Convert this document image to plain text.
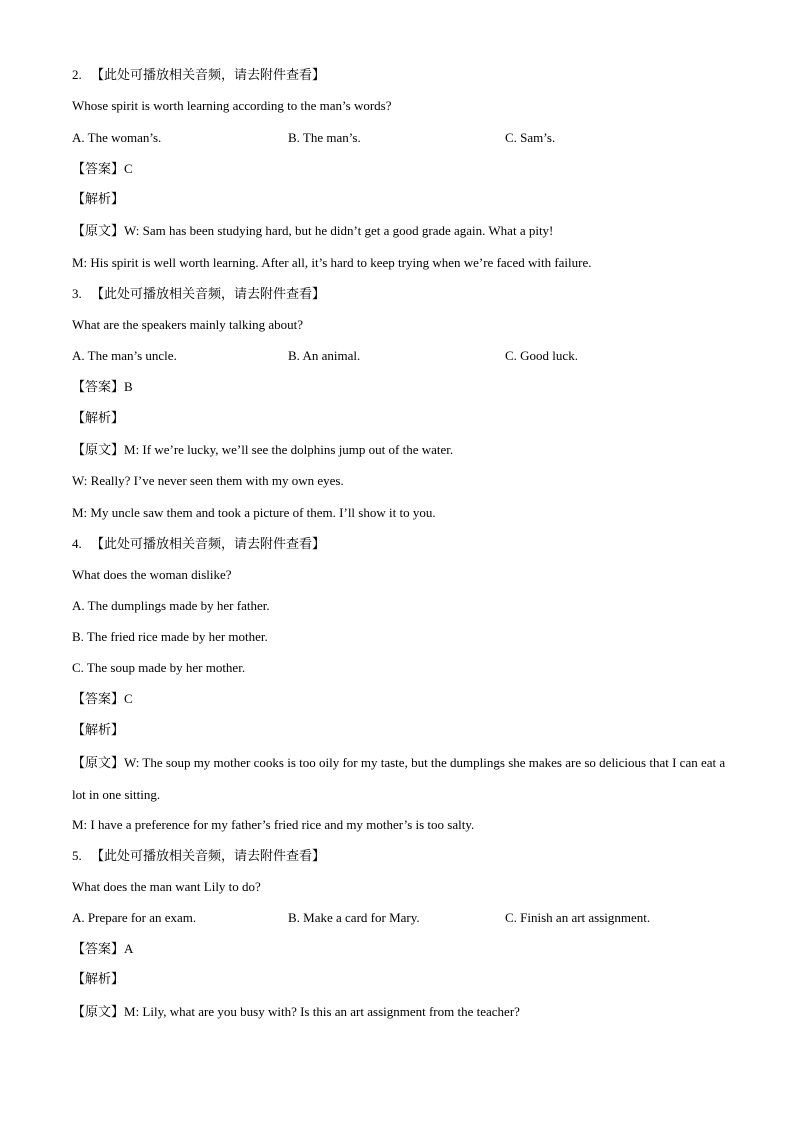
2. 【此处可播放相关音频，请去附件查看】
Whose spirit is worth learning according to the man’s words?
A. The woman’s.	B. The man’s.	C. Sam’s.
【答案】C
【解析】
【原文】W: Sam has been studying hard, but he didn’t get a good grade again. What a pity!
M: His spirit is well worth learning. After all, it’s hard to keep trying when we’re faced with failure.
3. 【此处可播放相关音频，请去附件查看】
What are the speakers mainly talking about?
A. The man’s uncle.	B. An animal.	C. Good luck.
【答案】B
【解析】
【原文】M: If we’re lucky, we’ll see the dolphins jump out of the water.
W: Really? I’ve never seen them with my own eyes.
M: My uncle saw them and took a picture of them. I’ll show it to you.
4. 【此处可播放相关音频，请去附件查看】
What does the woman dislike?
A. The dumplings made by her father.
B. The fried rice made by her mother.
C. The soup made by her mother.
【答案】C
【解析】
【原文】W: The soup my mother cooks is too oily for my taste, but the dumplings she makes are so delicious that I can eat a lot in one sitting.
M: I have a preference for my father’s fried rice and my mother’s is too salty.
5. 【此处可播放相关音频，请去附件查看】
What does the man want Lily to do?
A. Prepare for an exam.	B. Make a card for Mary.	C. Finish an art assignment.
【答案】A
【解析】
【原文】M: Lily, what are you busy with? Is this an art assignment from the teacher?
